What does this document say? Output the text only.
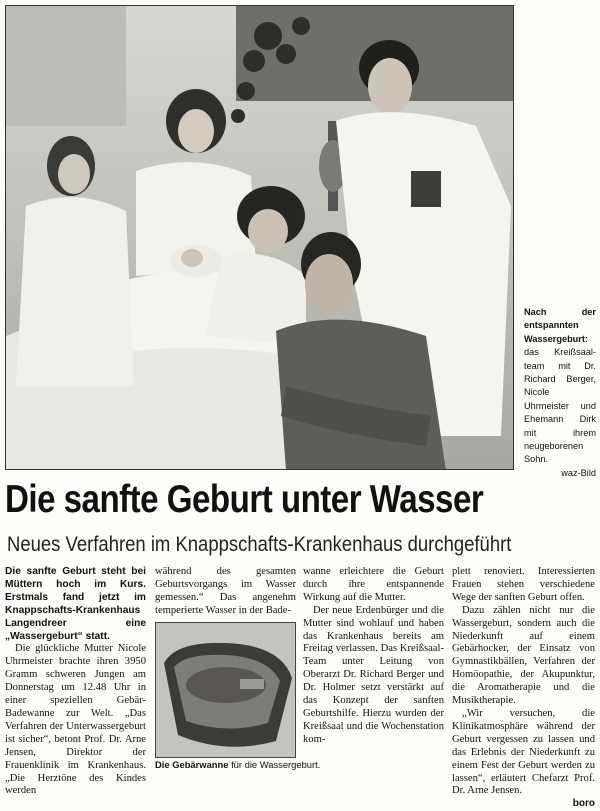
Nach der entspannten Wassergeburt: das Kreißsaal-team mit Dr. Richard Berger, Nicole Uhrmeister und Ehemann Dirk mit ihrem neugeborenen Sohn.
waz-Bild
Die sanfte Geburt unter Wasser
Neues Verfahren im Knappschafts-Krankenhaus durchgeführt

Die sanfte Geburt steht bei Müttern hoch im Kurs. Erstmals fand jetzt im Knappschafts-Krankenhaus Langendreer eine „Wassergeburt“ statt.

Die glückliche Mutter Nicole Uhrmeister brachte ihren 3950 Gramm schweren Jungen am Donnerstag um 12.48 Uhr in einer speziellen Gebär-Badewanne zur Welt. „Das Verfahren der Unterwassergeburt ist sicher“, betont Prof. Dr. Arne Jensen, Direktor der Frauenklinik im Krankenhaus. „Die Herztöne des Kindes werden

während des gesamten Geburtsvorgangs im Wasser gemessen.“ Das angenehm temperierte Wasser in der Bade-

Die Gebärwanne für die Wassergeburt.

wanne erleichtere die Geburt durch ihre entspannende Wirkung auf die Mutter.

Der neue Erdenbürger und die Mutter sind wohlauf und haben das Krankenhaus bereits am Freitag verlassen. Das Kreißsaal-Team unter Leitung von Oberarzt Dr. Richard Berger und Dr. Holmer setzt verstärkt auf das Konzept der sanften Geburtshilfe. Hierzu wurden der Kreißsaal und die Wochenstation kom-

plett renoviert. Interessierten Frauen stehen verschiedene Wege der sanften Geburt offen.

Dazu zählen nicht nur die Wassergeburt, sondern auch die Niederkunft auf einem Gebärhocker, der Einsatz von Gymnastikbällen, Verfahren der Homöopathie, der Akupunktur, die Aromatherapie und die Musiktherapie.

„Wir versuchen, die Klinikatmosphäre während der Geburt vergessen zu lassen und das Erlebnis der Niederkunft zu einem Fest der Geburt werden zu lassen“, erläutert Chefarzt Prof. Dr. Arne Jensen.

boro
